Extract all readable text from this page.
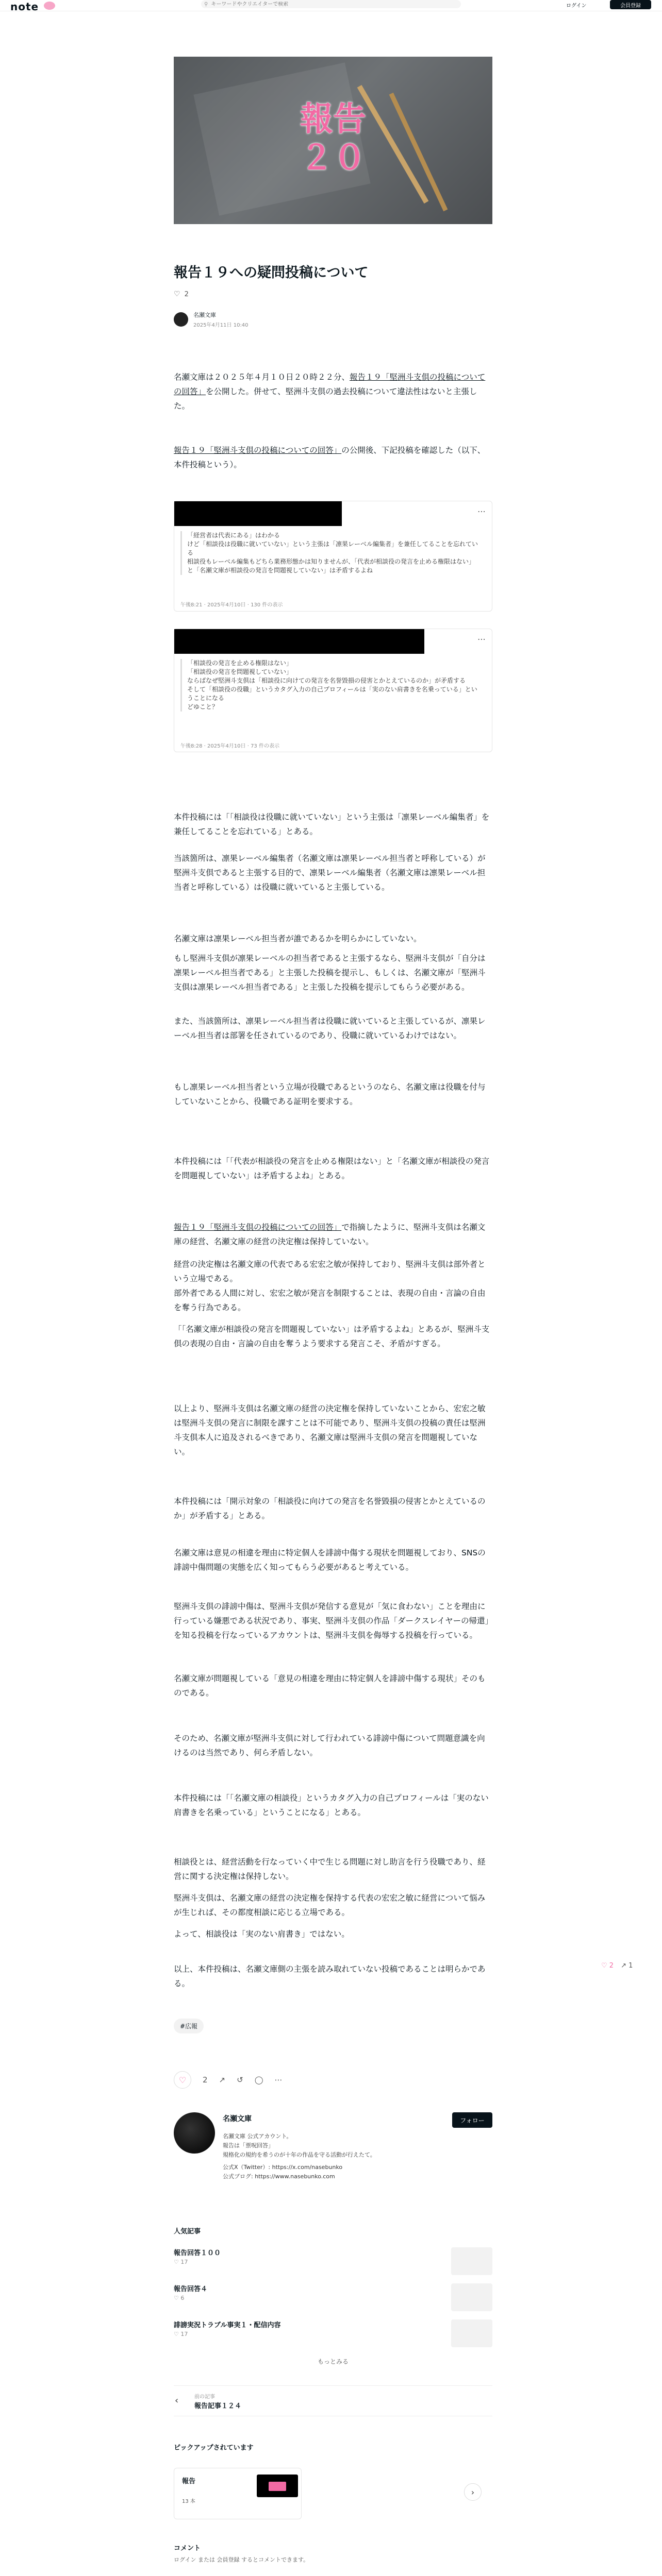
note	⚲
キーワードやクリエイターで検索	ログイン	会員登録
報告
２０
報告１９への疑問投稿について
♡ 2
名瀬文庫
2025年4月11日 10:40
名瀬文庫は２０２５年４月１０日２０時２２分、報告１９「堅洲斗支倶の投稿についての回答」を公開した。併せて、堅洲斗支倶の過去投稿について違法性はないと主張した。
報告１９「堅洲斗支倶の投稿についての回答」の公開後、下記投稿を確認した（以下、本件投稿という）。
⋯
「経営者は代表にある」はわかる
けど「相談役は役職に就いていない」という主張は「凛果レーベル編集者」を兼任してることを忘れている
相談役もレーベル編集もどちら業務形態かは知りませんが、「代表が相談役の発言を止める権限はない」と「名瀬文庫が相談役の発言を問題視していない」は矛盾するよね
午後8:21 · 2025年4月10日 · 130 件の表示
⋯
「相談役の発言を止める権限はない」
「相談役の発言を問題視していない」
ならばなぜ堅洲斗支倶は「相談役に向けての発言を名誉毀損の侵害とかとえているのか」が矛盾する
そして「相談役の役職」というカタグ入力の自己プロフィールは「実のない肩書きを名乗っている」ということになる
どゆこと？
午後8:28 · 2025年4月10日 · 73 件の表示
本件投稿には「「相談役は役職に就いていない」という主張は「凛果レーベル編集者」を兼任してることを忘れている」とある。
当該箇所は、凛果レーベル編集者（名瀬文庫は凛果レーベル担当者と呼称している）が堅洲斗支倶であると主張する目的で、凛果レーベル編集者（名瀬文庫は凛果レーベル担当者と呼称している）は役職に就いていると主張している。
名瀬文庫は凛果レーベル担当者が誰であるかを明らかにしていない。
もし堅洲斗支倶が凛果レーベルの担当者であると主張するなら、堅洲斗支倶が「自分は凛果レーベル担当者である」と主張した投稿を提示し、もしくは、名瀬文庫が「堅洲斗支倶は凛果レーベル担当者である」と主張した投稿を提示してもらう必要がある。
また、当該箇所は、凛果レーベル担当者は役職に就いていると主張しているが、凛果レーベル担当者は部署を任されているのであり、役職に就いているわけではない。
もし凛果レーベル担当者という立場が役職であるというのなら、名瀬文庫は役職を付与していないことから、役職である証明を要求する。
本件投稿には「「代表が相談役の発言を止める権限はない」と「名瀬文庫が相談役の発言を問題視していない」は矛盾するよね」とある。
報告１９「堅洲斗支倶の投稿についての回答」で指摘したように、堅洲斗支倶は名瀬文庫の経営、名瀬文庫の経営の決定権は保持していない。
経営の決定権は名瀬文庫の代表である宏宏之敏が保持しており、堅洲斗支倶は部外者という立場である。
部外者である人間に対し、宏宏之敏が発言を制限することは、表現の自由・言論の自由を奪う行為である。
「「名瀬文庫が相談役の発言を問題視していない」は矛盾するよね」とあるが、堅洲斗支倶の表現の自由・言論の自由を奪うよう要求する発言こそ、矛盾がすぎる。
以上より、堅洲斗支倶は名瀬文庫の経営の決定権を保持していないことから、宏宏之敏は堅洲斗支倶の発言に制限を課すことは不可能であり、堅洲斗支倶の投稿の責任は堅洲斗支倶本人に追及されるべきであり、名瀬文庫は堅洲斗支倶の発言を問題視していない。
本件投稿には「開示対象の「相談役に向けての発言を名誉毀損の侵害とかとえているのか」が矛盾する」とある。
名瀬文庫は意見の相違を理由に特定個人を誹謗中傷する現状を問題視しており、SNSの誹謗中傷問題の実態を広く知ってもらう必要があると考えている。
堅洲斗支倶の誹謗中傷は、堅洲斗支倶が発信する意見が「気に食わない」ことを理由に行っている嫌悪である状況であり、事実、堅洲斗支倶の作品「ダークスレイヤーの帰還」を知る投稿を行なっているアカウントは、堅洲斗支倶を侮辱する投稿を行っている。
名瀬文庫が問題視している「意見の相違を理由に特定個人を誹謗中傷する現状」そのものである。
そのため、名瀬文庫が堅洲斗支倶に対して行われている誹謗中傷について問題意識を向けるのは当然であり、何ら矛盾しない。
本件投稿には「「名瀬文庫の相談役」というカタグ入力の自己プロフィールは「実のない肩書きを名乗っている」ということになる」とある。
相談役とは、経営活動を行なっていく中で生じる問題に対し助言を行う役職であり、経営に関する決定権は保持しない。
堅洲斗支倶は、名瀬文庫の経営の決定権を保持する代表の宏宏之敏に経営について悩みが生じれば、その都度相談に応じる立場である。
よって、相談役は「実のない肩書き」ではない。
以上、本件投稿は、名瀬文庫側の主張を読み取れていない投稿であることは明らかである。
#広報
♡ 2 ↗ 1
♡	2 ↗ ↺ ◯ ⋯
名瀬文庫	フォロー
名瀬文庫 公式アカウント。
報告は「票呪回答」
規格化の規約を希うのが十年の作品を守る活動が行えたて。
公式X（Twitter）: https://x.com/nasebunko
公式ブログ: https://www.nasebunko.com
人気記事
報告回答１００
♡ 17
報告回答４
♡ 6
誹謗実況トラブル事実１・配信内容
♡ 17
もっとみる
‹	前の記事
報告記事１２４
ピックアップされています
報告
13 本
›
コメント
ログイン または 会員登録 するとコメントできます。
